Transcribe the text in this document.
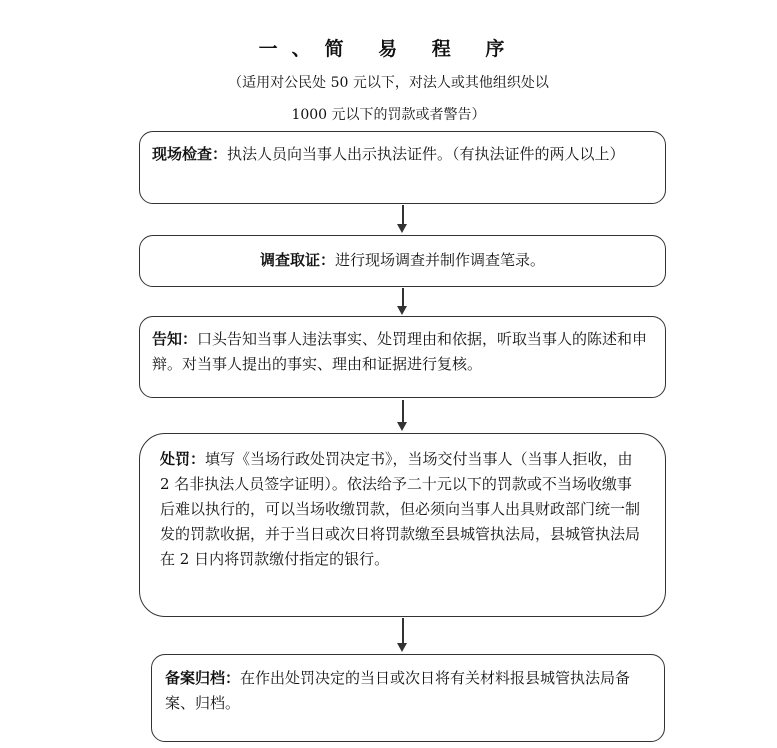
一、简 易 程 序
（适用对公民处 50 元以下，对法人或其他组织处以
1000 元以下的罚款或者警告）
现场检查：执法人员向当事人出示执法证件。（有执法证件的两人以上）
调查取证：进行现场调查并制作调查笔录。
告知：口头告知当事人违法事实、处罚理由和依据，听取当事人的陈述和申辩。对当事人提出的事实、理由和证据进行复核。
处罚：填写《当场行政处罚决定书》，当场交付当事人（当事人拒收，由 2 名非执法人员签字证明）。依法给予二十元以下的罚款或不当场收缴事后难以执行的，可以当场收缴罚款，但必须向当事人出具财政部门统一制发的罚款收据，并于当日或次日将罚款缴至县城管执法局，县城管执法局在 2 日内将罚款缴付指定的银行。
备案归档：在作出处罚决定的当日或次日将有关材料报县城管执法局备案、归档。
